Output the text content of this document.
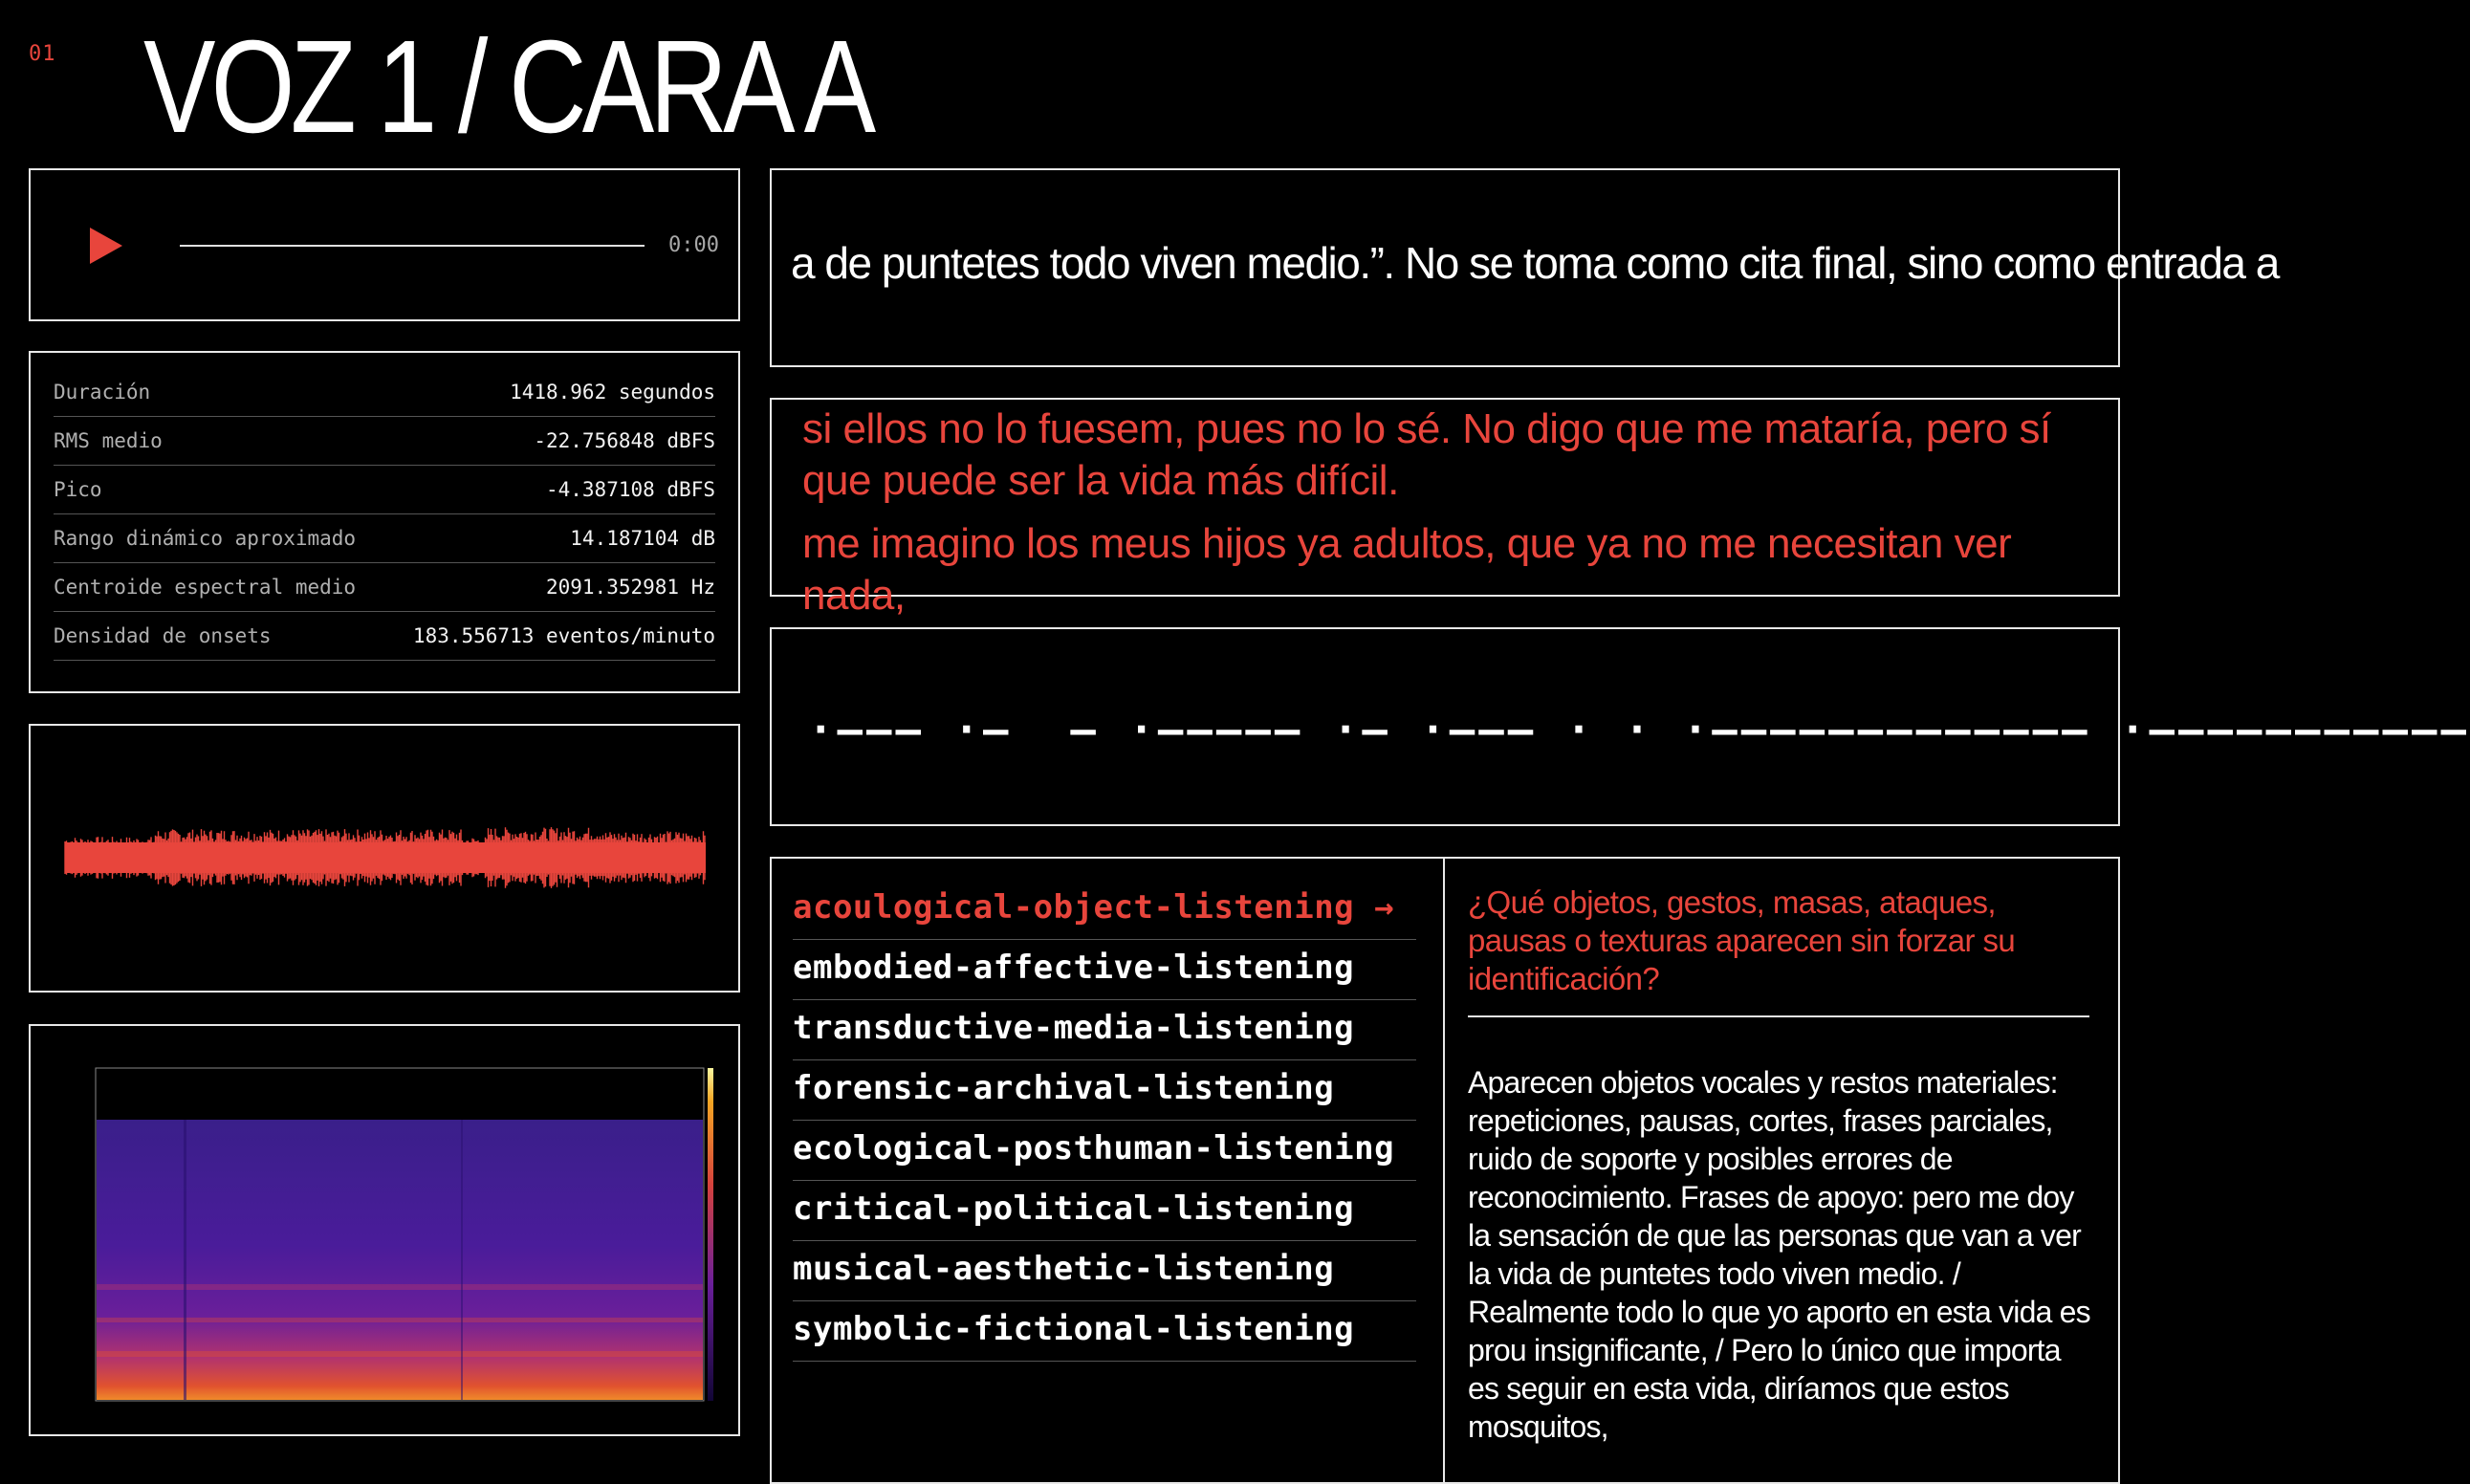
01 VOZ 1 / CARA A
0:00
Duración	1418.962 segundos
RMS medio	-22.756848 dBFS
Pico	-4.387108 dBFS
Rango dinámico aproximado	14.187104 dB
Centroide espectral medio	2091.352981 Hz
Densidad de onsets	183.556713 eventos/minuto
a de puntetes todo viven medio.”. No se toma como cita final, sino como entrada a
si ellos no lo fuesem, pues no lo sé. No digo que me mataría, pero sí que puede ser la vida más difícil.
me imagino los meus hijos ya adultos, que ya no me necesitan ver nada,
·––– ·–  – ·––––– ·– ·––– · · ·––––––––––––– ·–––––––––––
acoulogical-object-listening →
embodied-affective-listening
transductive-media-listening
forensic-archival-listening
ecological-posthuman-listening
critical-political-listening
musical-aesthetic-listening
symbolic-fictional-listening
¿Qué objetos, gestos, masas, ataques, pausas o texturas aparecen sin forzar su identificación?
Aparecen objetos vocales y restos materiales: repeticiones, pausas, cortes, frases parciales, ruido de soporte y posibles errores de reconocimiento. Frases de apoyo: pero me doy la sensación de que las personas que van a ver la vida de puntetes todo viven medio. / Realmente todo lo que yo aporto en esta vida es prou insignificante, / Pero lo único que importa es seguir en esta vida, diríamos que estos mosquitos,
